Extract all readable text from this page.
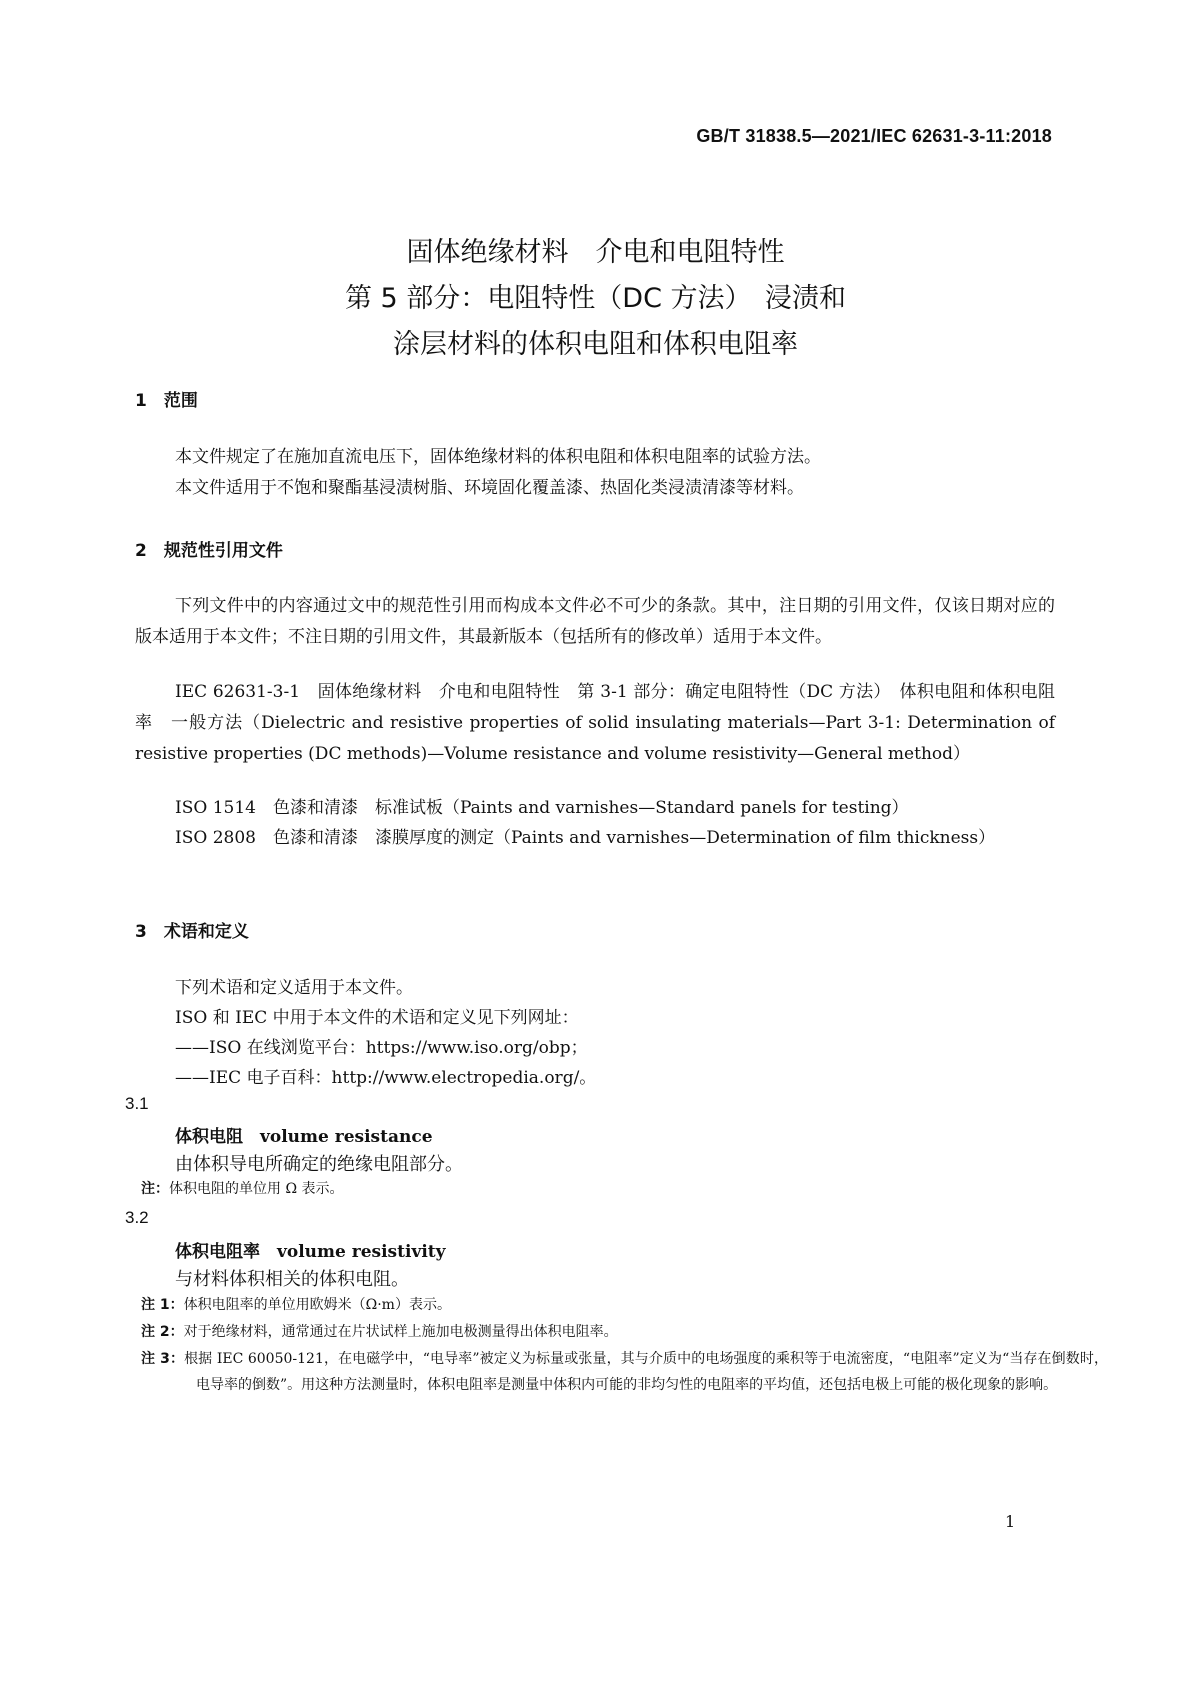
GB/T 31838.5—2021/IEC 62631-3-11:2018
固体绝缘材料　介电和电阻特性
第 5 部分：电阻特性（DC 方法）　浸渍和
涂层材料的体积电阻和体积电阻率
1　范围
本文件规定了在施加直流电压下，固体绝缘材料的体积电阻和体积电阻率的试验方法。
本文件适用于不饱和聚酯基浸渍树脂、环境固化覆盖漆、热固化类浸渍清漆等材料。
2　规范性引用文件
下列文件中的内容通过文中的规范性引用而构成本文件必不可少的条款。其中，注日期的引用文件，仅该日期对应的版本适用于本文件；不注日期的引用文件，其最新版本（包括所有的修改单）适用于本文件。
IEC 62631-3-1　固体绝缘材料　介电和电阻特性　第 3-1 部分：确定电阻特性（DC 方法）　体积电阻和体积电阻率　一般方法（Dielectric and resistive properties of solid insulating materials—Part 3-1: Determination of resistive properties (DC methods)—Volume resistance and volume resistivity—General method）
ISO 1514　色漆和清漆　标准试板（Paints and varnishes—Standard panels for testing）
ISO 2808　色漆和清漆　漆膜厚度的测定（Paints and varnishes—Determination of film thickness）
3　术语和定义
下列术语和定义适用于本文件。
ISO 和 IEC 中用于本文件的术语和定义见下列网址：
——ISO 在线浏览平台：https://www.iso.org/obp；
——IEC 电子百科：http://www.electropedia.org/。
3.1
体积电阻　volume resistance
由体积导电所确定的绝缘电阻部分。
注：体积电阻的单位用 Ω 表示。
3.2
体积电阻率　volume resistivity
与材料体积相关的体积电阻。
注 1：体积电阻率的单位用欧姆米（Ω·m）表示。
注 2：对于绝缘材料，通常通过在片状试样上施加电极测量得出体积电阻率。
注 3：根据 IEC 60050-121，在电磁学中，“电导率”被定义为标量或张量，其与介质中的电场强度的乘积等于电流密度，“电阻率”定义为“当存在倒数时，电导率的倒数”。用这种方法测量时，体积电阻率是测量中体积内可能的非均匀性的电阻率的平均值，还包括电极上可能的极化现象的影响。
1
